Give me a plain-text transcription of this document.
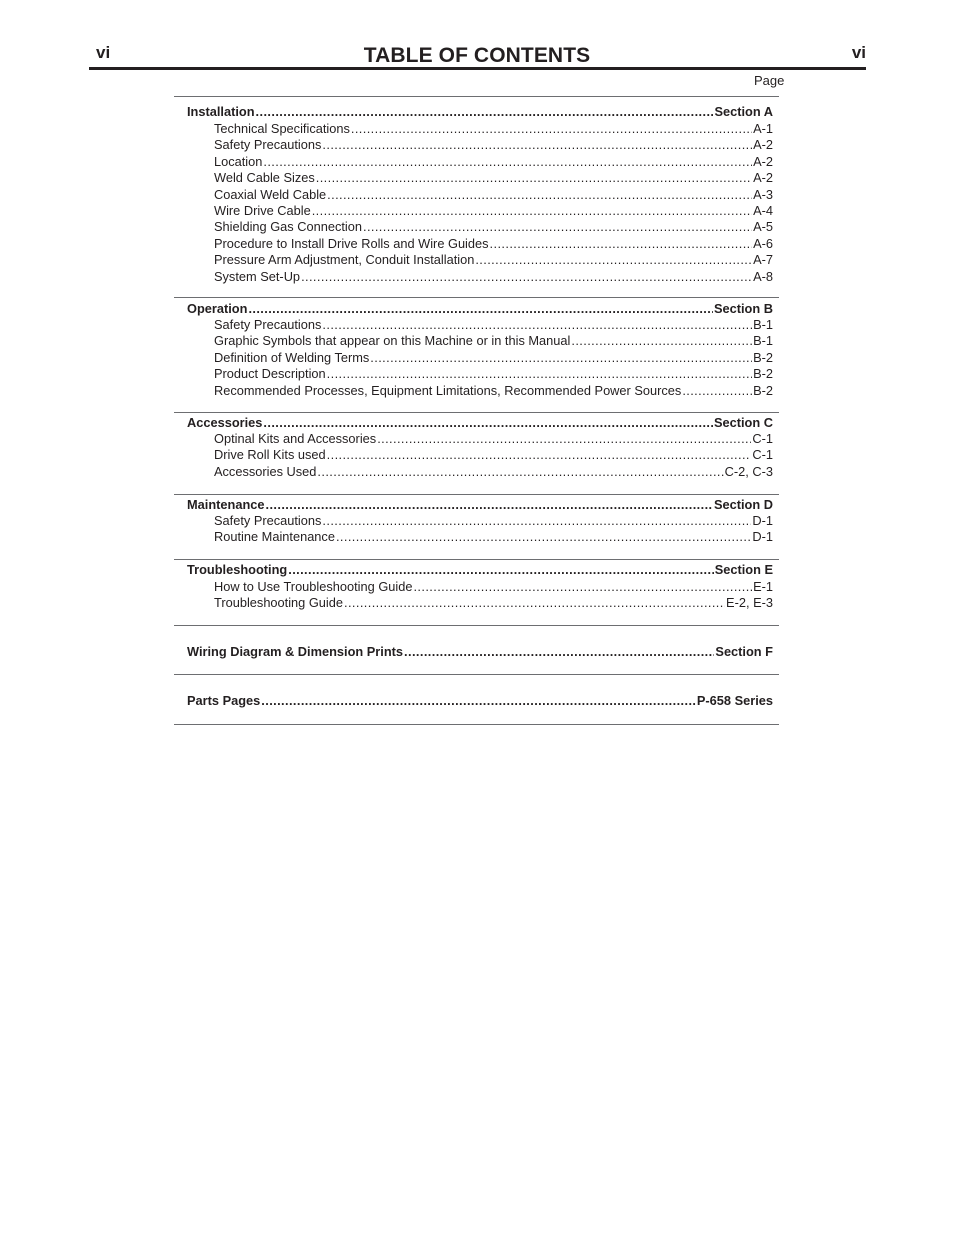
vi	TABLE OF CONTENTS	vi
Page
Installation .....	Section A
Technical Specifications .....	A-1
Safety Precautions .....	A-2
Location .....	A-2
Weld Cable Sizes .....	A-2
Coaxial Weld Cable .....	A-3
Wire Drive Cable .....	A-4
Shielding Gas Connection .....	A-5
Procedure to Install Drive Rolls and Wire Guides .....	A-6
Pressure Arm Adjustment, Conduit Installation .....	A-7
System Set-Up .....	A-8
Operation .....	Section B
Safety Precautions .....	B-1
Graphic Symbols that appear on this Machine or in this Manual .....	B-1
Definition of Welding Terms .....	B-2
Product Description .....	B-2
Recommended Processes, Equipment Limitations, Recommended Power Sources .....	B-2
Accessories .....	Section C
Optinal Kits and Accessories .....	C-1
Drive Roll Kits used .....	C-1
Accessories Used .....	C-2, C-3
Maintenance .....	Section D
Safety Precautions .....	D-1
Routine Maintenance .....	D-1
Troubleshooting .....	Section E
How to Use Troubleshooting Guide .....	E-1
Troubleshooting Guide .....	E-2, E-3
Wiring Diagram & Dimension Prints .....	Section F
Parts Pages .....	P-658 Series
